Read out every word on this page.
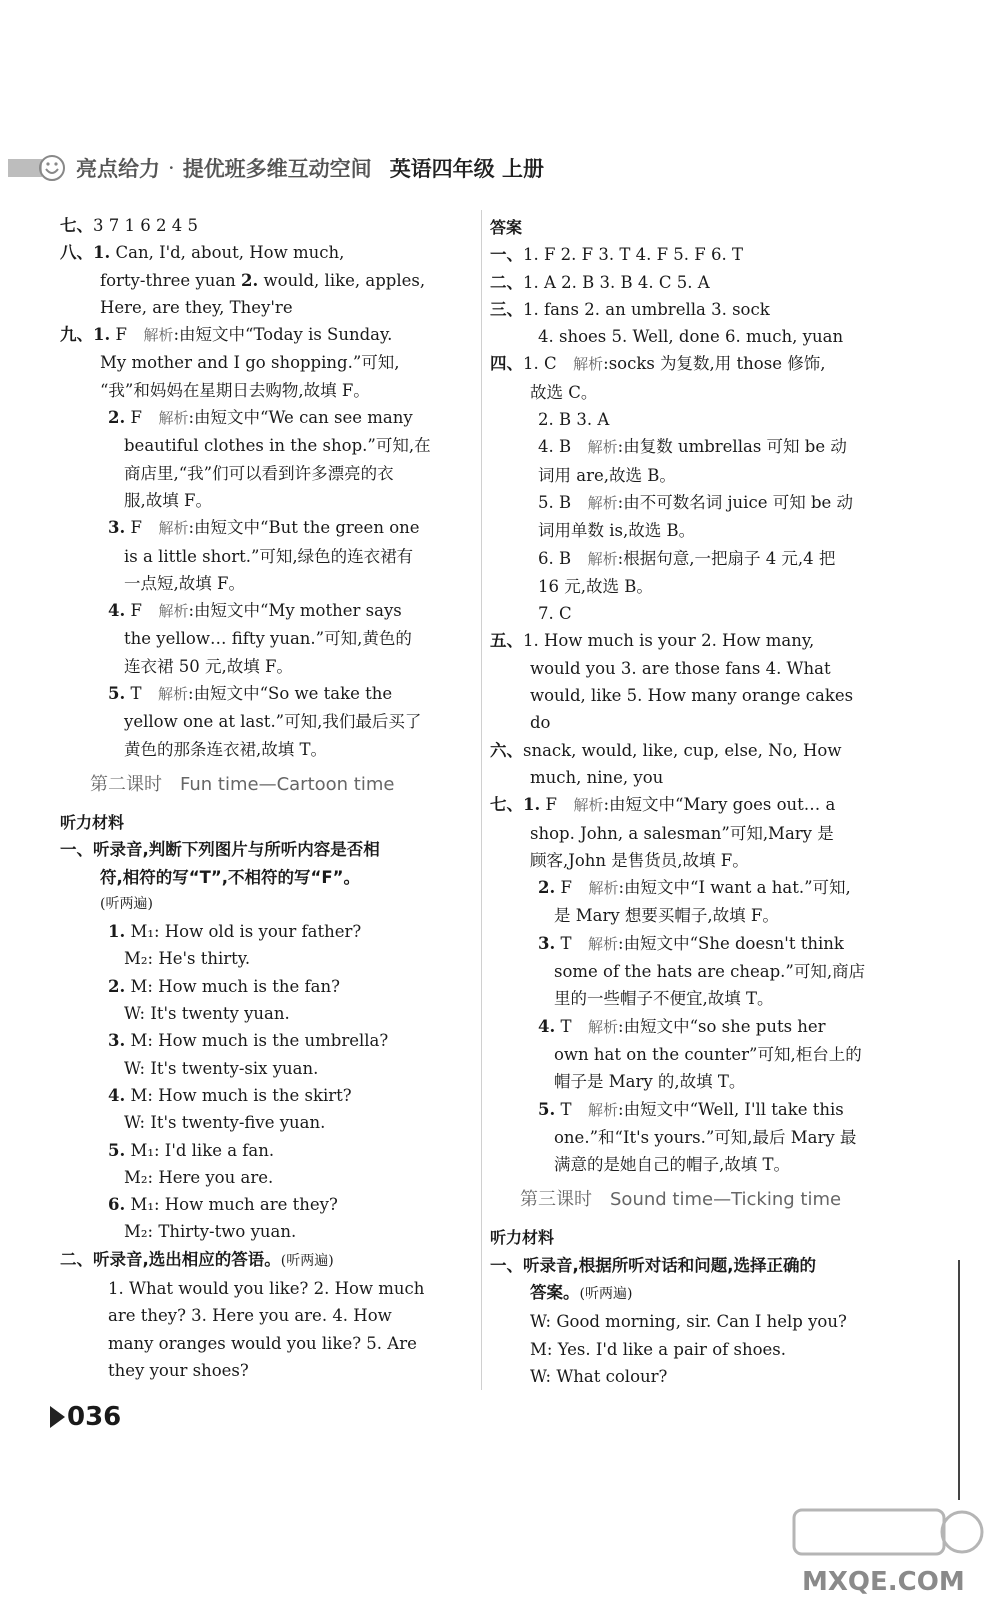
亮点给力 · 提优班多维互动空间 英语四年级 上册
七、 3 7 1 6 2 4 5
八、 1. Can, I'd, about, How much,
forty-three yuan 2. would, like, apples,
Here, are they, They're
九、 1. F　 解析:由短文中“Today is Sunday.
My mother and I go shopping.”可知,
“我”和妈妈在星期日去购物,故填 F。
2. F　 解析:由短文中“We can see many
beautiful clothes in the shop.”可知,在
商店里,“我”们可以看到许多漂亮的衣
服,故填 F。
3. F　 解析:由短文中“But the green one
is a little short.”可知,绿色的连衣裙有
一点短,故填 F。
4. F　 解析:由短文中“My mother says
the yellow… fifty yuan.”可知,黄色的
连衣裙 50 元,故填 F。
5. T　 解析:由短文中“So we take the
yellow one at last.”可知,我们最后买了
黄色的那条连衣裙,故填 T。
第二课时　Fun time—Cartoon time
听力材料
一、 听录音,判断下列图片与所听内容是否相
符,相符的写“T”,不相符的写“F”。
(听两遍)
1. M₁: How old is your father?
M₂: He's thirty.
2. M: How much is the fan?
W: It's twenty yuan.
3. M: How much is the umbrella?
W: It's twenty-six yuan.
4. M: How much is the skirt?
W: It's twenty-five yuan.
5. M₁: I'd like a fan.
M₂: Here you are.
6. M₁: How much are they?
M₂: Thirty-two yuan.
二、 听录音,选出相应的答语。(听两遍)
1. What would you like? 2. How much
are they? 3. Here you are. 4. How
many oranges would you like? 5. Are
they your shoes?
答案
一、 1. F 2. F 3. T 4. F 5. F 6. T
二、 1. A 2. B 3. B 4. C 5. A
三、 1. fans 2. an umbrella 3. sock
4. shoes 5. Well, done 6. much, yuan
四、 1. C　 解析:socks 为复数,用 those 修饰,
故选 C。
2. B 3. A
4. B　 解析:由复数 umbrellas 可知 be 动
词用 are,故选 B。
5. B　 解析:由不可数名词 juice 可知 be 动
词用单数 is,故选 B。
6. B　 解析:根据句意,一把扇子 4 元,4 把
16 元,故选 B。
7. C
五、 1. How much is your 2. How many,
would you 3. are those fans 4. What
would, like 5. How many orange cakes
do
六、 snack, would, like, cup, else, No, How
much, nine, you
七、 1. F　 解析:由短文中“Mary goes out… a
shop. John, a salesman”可知,Mary 是
顾客,John 是售货员,故填 F。
2. F　 解析:由短文中“I want a hat.”可知,
是 Mary 想要买帽子,故填 F。
3. T　 解析:由短文中“She doesn't think
some of the hats are cheap.”可知,商店
里的一些帽子不便宜,故填 T。
4. T　 解析:由短文中“so she puts her
own hat on the counter”可知,柜台上的
帽子是 Mary 的,故填 T。
5. T　 解析:由短文中“Well, I'll take this
one.”和“It's yours.”可知,最后 Mary 最
满意的是她自己的帽子,故填 T。
第三课时　Sound time—Ticking time
听力材料
一、 听录音,根据所听对话和问题,选择正确的
答案。(听两遍)
W: Good morning, sir. Can I help you?
M: Yes. I'd like a pair of shoes.
W: What colour?
036
MXQE.COM
